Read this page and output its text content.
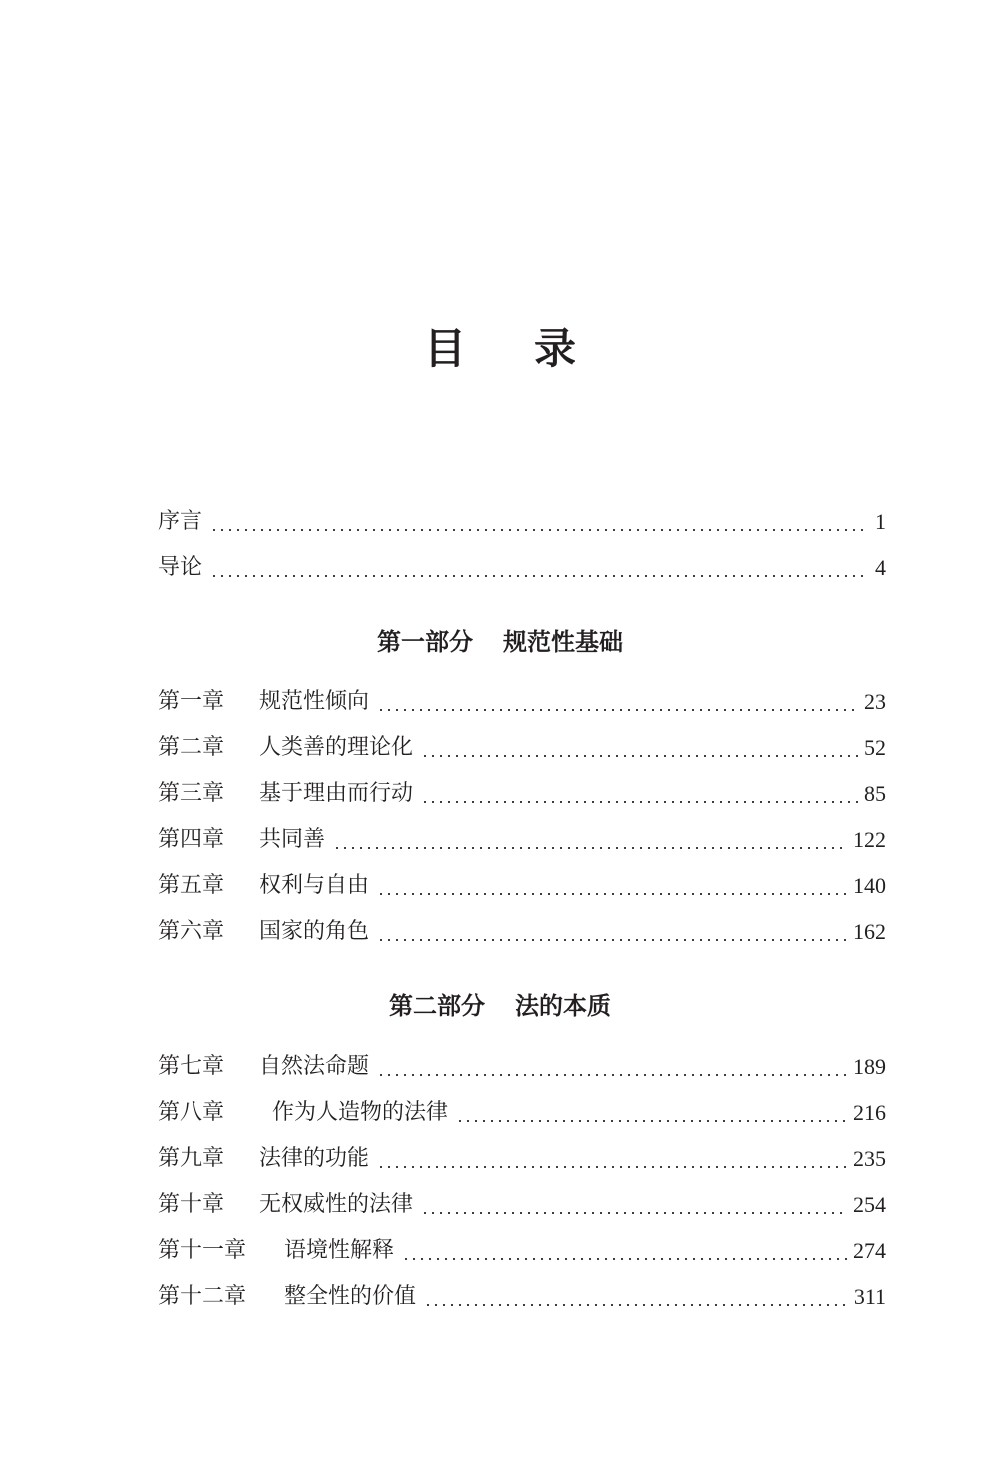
目 录
序言	1
导论	4
第一部分 规范性基础
第一章	规范性倾向	23
第二章	人类善的理论化	52
第三章	基于理由而行动	85
第四章	共同善	122
第五章	权利与自由	140
第六章	国家的角色	162
第二部分 法的本质
第七章	自然法命题	189
第八章	作为人造物的法律	216
第九章	法律的功能	235
第十章	无权威性的法律	254
第十一章	语境性解释	274
第十二章	整全性的价值	311
